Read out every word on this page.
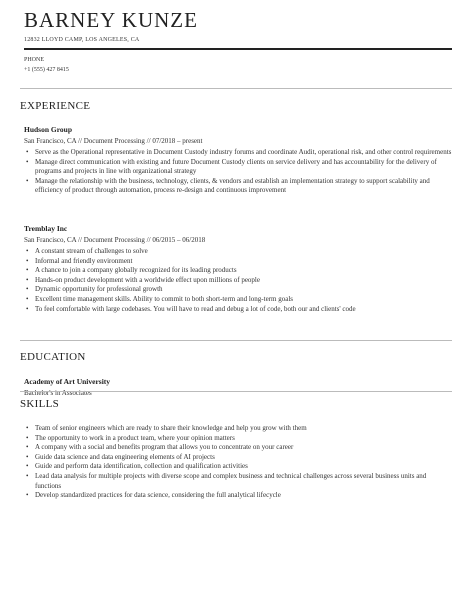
BARNEY KUNZE
12832 LLOYD CAMP, LOS ANGELES, CA
PHONE
+1 (555) 427 8415
EXPERIENCE
Hudson Group
San Francisco, CA // Document Processing // 07/2018 – present
• Serve as the Operational representative in Document Custody industry forums and coordinate Audit, operational risk, and other control requirements
• Manage direct communication with existing and future Document Custody clients on service delivery and has accountability for the delivery of programs and projects in line with organizational strategy
• Manage the relationship with the business, technology, clients, & vendors and establish an implementation strategy to support scalability and efficiency of product through automation, process re-design and continuous improvement
Tremblay Inc
San Francisco, CA // Document Processing // 06/2015 – 06/2018
• A constant stream of challenges to solve
• Informal and friendly environment
• A chance to join a company globally recognized for its leading products
• Hands-on product development with a worldwide effect upon millions of people
• Dynamic opportunity for professional growth
• Excellent time management skills. Ability to commit to both short-term and long-term goals
• To feel comfortable with large codebases. You will have to read and debug a lot of code, both our and clients' code
EDUCATION
Academy of Art University
Bachelor's in Associates
SKILLS
• Team of senior engineers which are ready to share their knowledge and help you grow with them
• The opportunity to work in a product team, where your opinion matters
• A company with a social and benefits program that allows you to concentrate on your career
• Guide data science and data engineering elements of AI projects
• Guide and perform data identification, collection and qualification activities
• Lead data analysis for multiple projects with diverse scope and complex business and technical challenges across several business units and functions
• Develop standardized practices for data science, considering the full analytical lifecycle
